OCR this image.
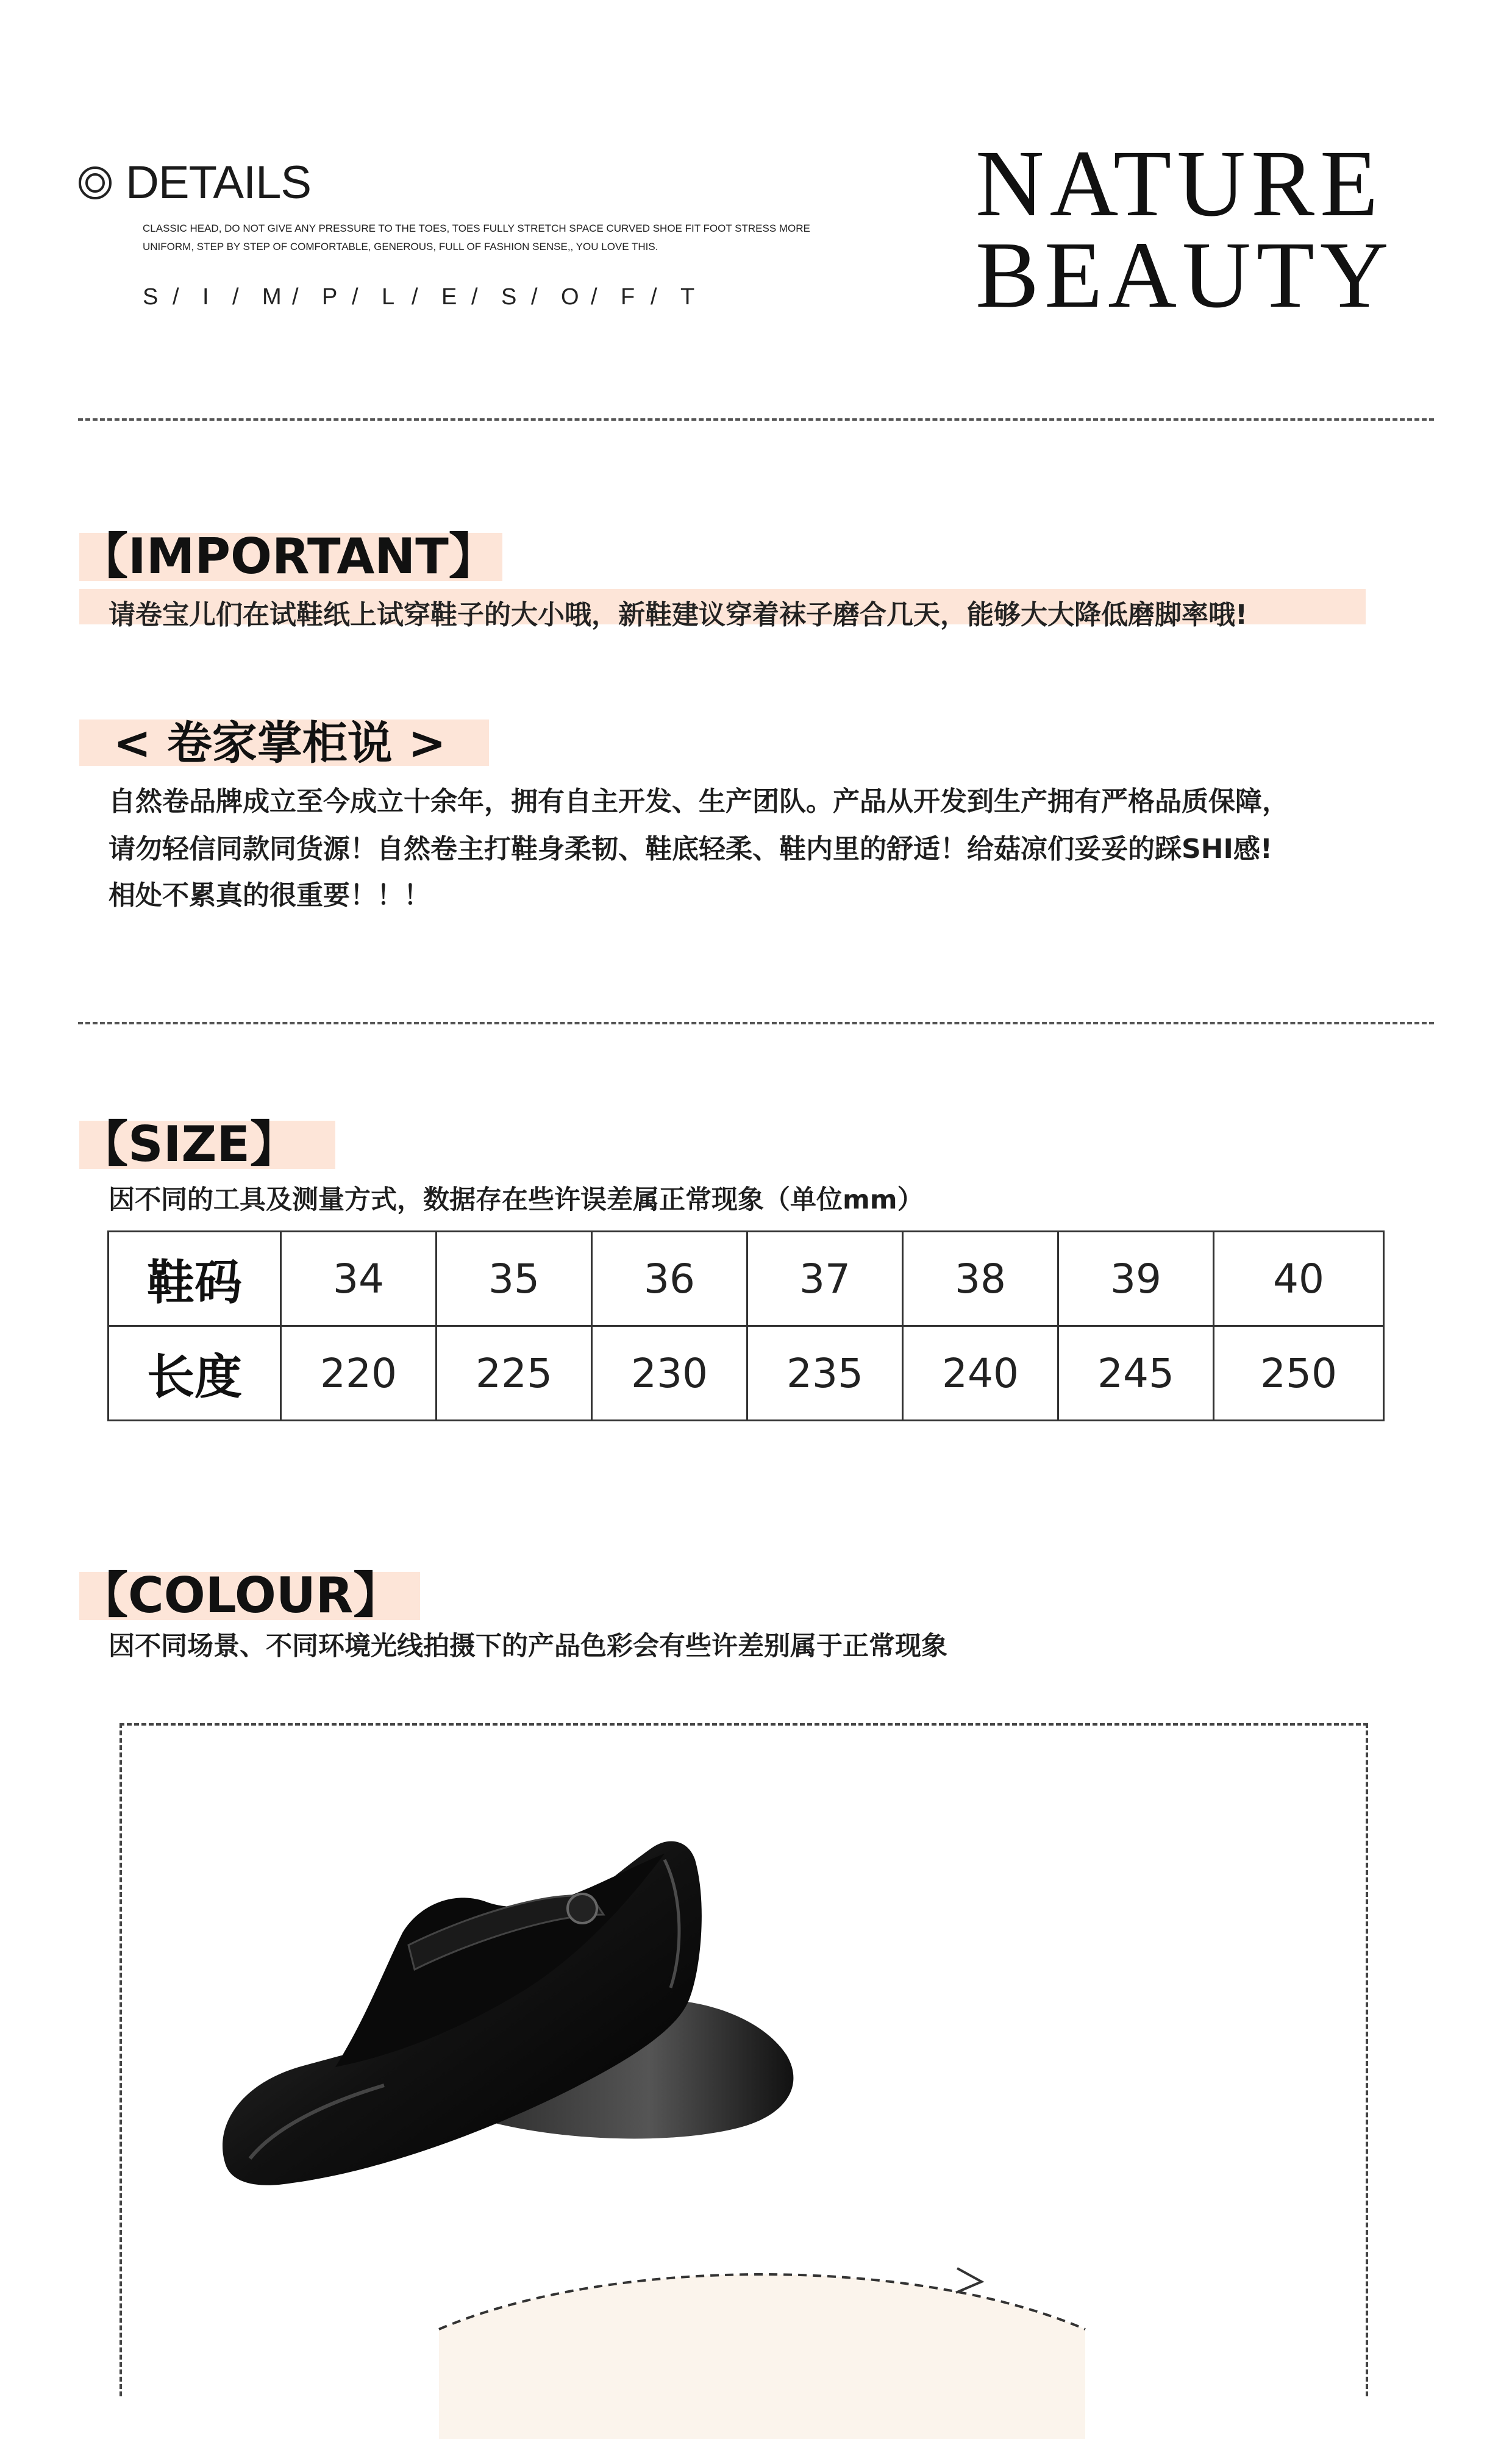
DETAILS
CLASSIC HEAD, DO NOT GIVE ANY PRESSURE TO THE TOES, TOES FULLY STRETCH SPACE CURVED SHOE FIT FOOT STRESS MORE UNIFORM, STEP BY STEP OF COMFORTABLE, GENEROUS, FULL OF FASHION SENSE,, YOU LOVE THIS.
S / I / M / P / L / E / S / O / F / T
NATURE
BEAUTY
【IMPORTANT】
请卷宝儿们在试鞋纸上试穿鞋子的大小哦，新鞋建议穿着袜子磨合几天，能够大大降低磨脚率哦!
< 卷家掌柜说 >
自然卷品牌成立至今成立十余年，拥有自主开发、生产团队。产品从开发到生产拥有严格品质保障，
请勿轻信同款同货源！自然卷主打鞋身柔韧、鞋底轻柔、鞋内里的舒适！给菇凉们妥妥的踩SHI感!
相处不累真的很重要！！！
【SIZE】
因不同的工具及测量方式，数据存在些许误差属正常现象（单位mm）
鞋码	34	35	36	37	38	39	40
长度	220	225	230	235	240	245	250
【COLOUR】
因不同场景、不同环境光线拍摄下的产品色彩会有些许差别属于正常现象
